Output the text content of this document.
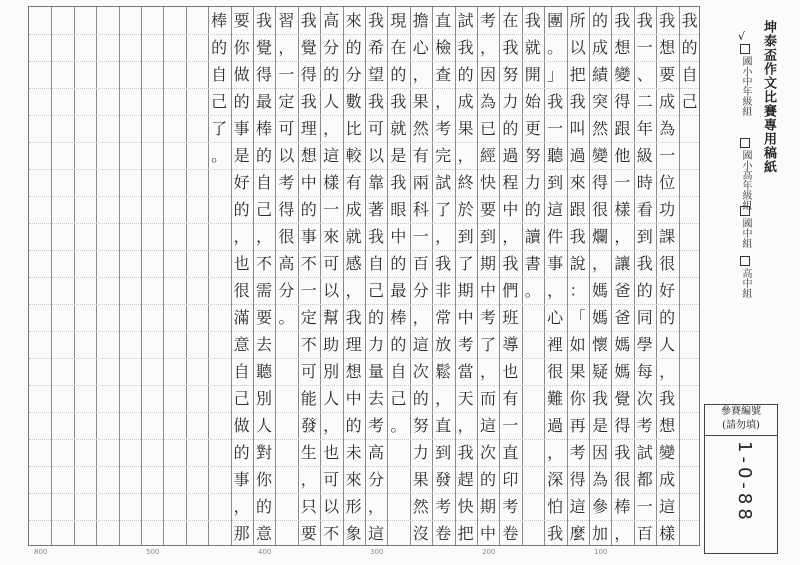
我
的
自
己
我
想
要
成
為
一
位
功
課
很
好
的
人
，
我
想
變
成
這
樣
我
一
、
二
年
級
時
看
到
我
的
同
學
每
次
考
試
都
一
百
我
想
變
得
跟
他
一
樣
，
讓
爸
爸
媽
媽
覺
得
我
很
棒
，
的
成
績
突
然
變
得
很
爛
，
媽
媽
懷
疑
我
是
因
為
參
加
所
以
把
我
叫
過
來
跟
我
說
：
「
如
果
你
再
考
得
這
麼
團
。
」
我
一
聽
到
這
件
事
，
心
裡
很
難
過
，
深
怕
我
我
就
開
始
更
努
力
的
讀
書
。
在
我
努
力
的
過
程
中
，
我
們
班
導
也
有
一
直
印
考
卷
考
，
因
為
已
經
快
要
到
期
中
考
了
，
而
這
次
的
期
中
試
我
的
成
果
，
終
於
到
了
期
中
考
當
天
，
我
趕
快
把
直
檢
查
，
考
完
試
了
，
我
非
常
放
鬆
，
直
到
發
考
卷
擔
心
，
果
然
有
兩
科
一
百
分
，
這
次
的
努
力
果
然
沒
現
在
的
我
就
是
我
眼
中
的
最
棒
的
自
己
。
我
希
望
我
可
以
靠
著
我
自
己
的
力
量
去
考
高
分
，
這
來
的
分
數
比
較
有
成
就
感
，
我
理
想
中
的
未
來
形
象
高
分
的
人
，
這
樣
一
來
可
以
幫
助
別
人
，
也
可
以
不
我
覺
得
我
理
想
中
的
事
不
一
定
不
可
能
發
生
，
只
要
習
，
一
定
可
以
考
得
很
高
分
。
我
覺
得
最
棒
的
自
己
，
不
需
要
去
聽
別
人
對
你
的
意
要
你
做
的
事
是
好
的
，
也
很
滿
意
自
己
做
的
事
，
那
棒
的
自
己
了
。	坤泰盃作文比賽專用稿紙
√
國小中年級組
國小高年級組
國中組
高中組
參賽編號
(請勿填)
1-0-88
800	500	400	300	200	100
